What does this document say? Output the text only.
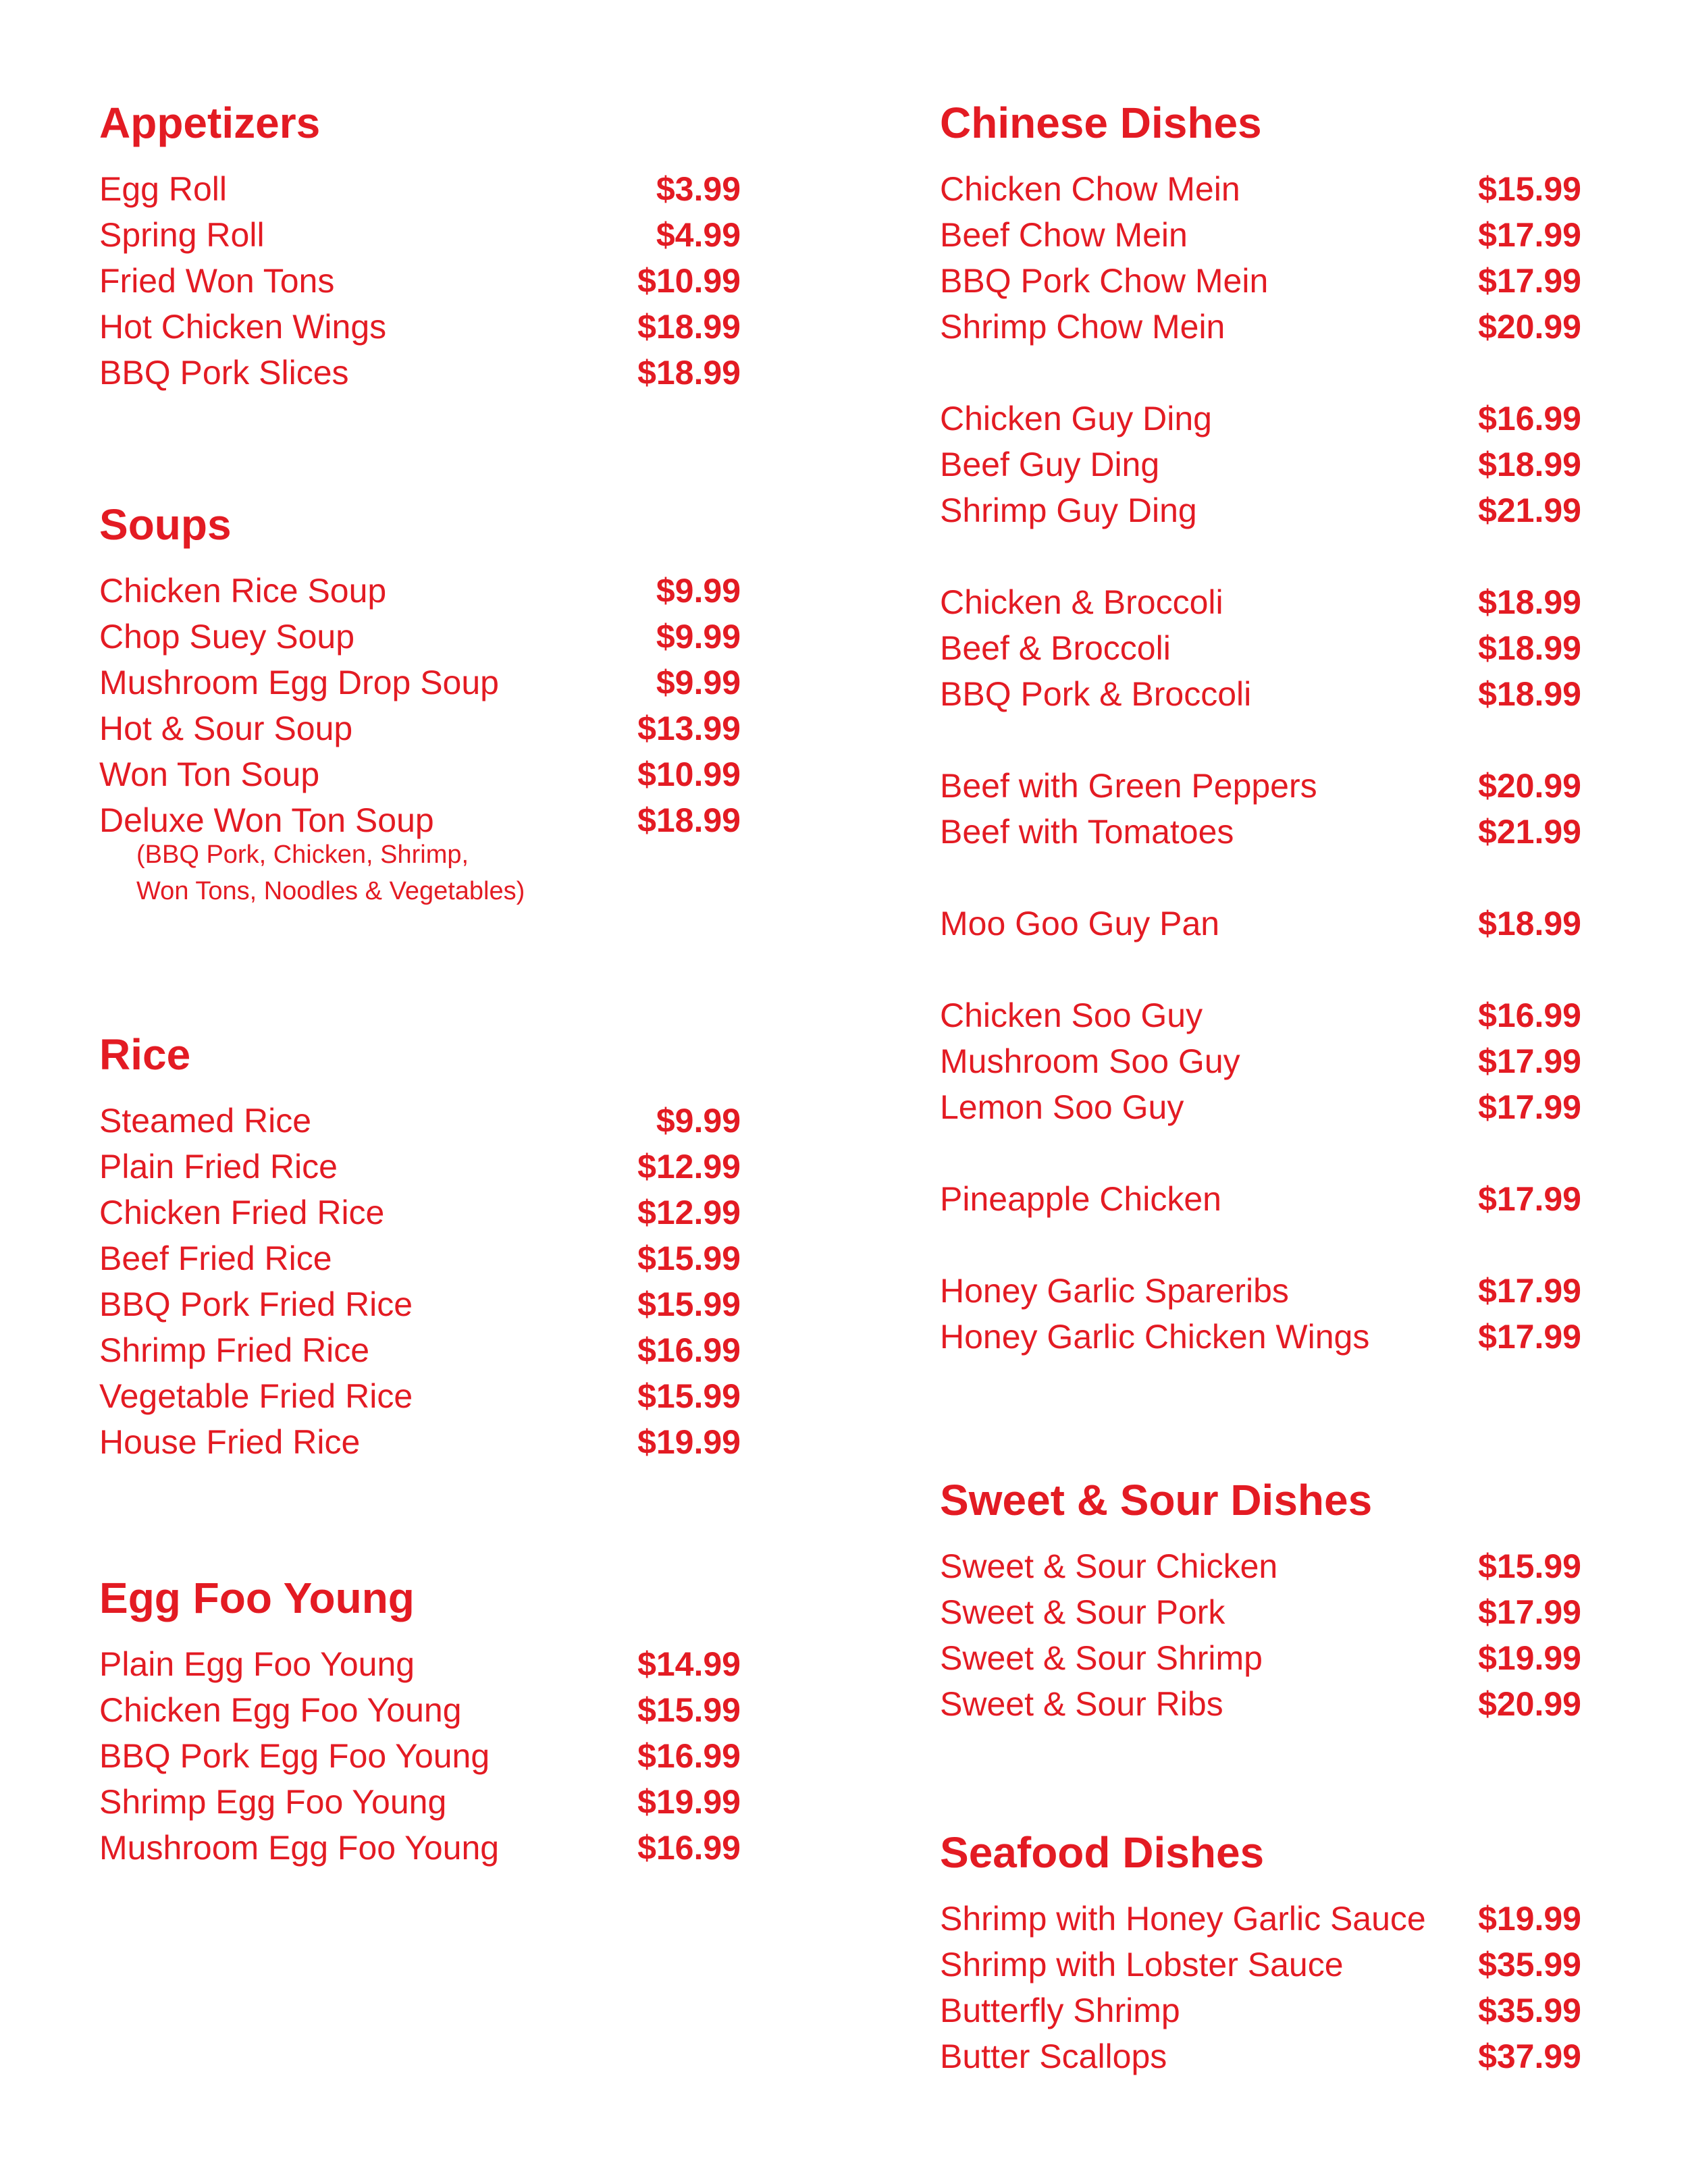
Appetizers
Egg Roll	$3.99
Spring Roll	$4.99
Fried Won Tons	$10.99
Hot Chicken Wings	$18.99
BBQ Pork Slices	$18.99
Soups
Chicken Rice Soup	$9.99
Chop Suey Soup	$9.99
Mushroom Egg Drop Soup	$9.99
Hot & Sour Soup	$13.99
Won Ton Soup	$10.99
Deluxe Won Ton Soup	$18.99
(BBQ Pork, Chicken, Shrimp,
Won Tons, Noodles & Vegetables)
Rice
Steamed Rice	$9.99
Plain Fried Rice	$12.99
Chicken Fried Rice	$12.99
Beef Fried Rice	$15.99
BBQ Pork Fried Rice	$15.99
Shrimp Fried Rice	$16.99
Vegetable Fried Rice	$15.99
House Fried Rice	$19.99
Egg Foo Young
Plain Egg Foo Young	$14.99
Chicken Egg Foo Young	$15.99
BBQ Pork Egg Foo Young	$16.99
Shrimp Egg Foo Young	$19.99
Mushroom Egg Foo Young	$16.99
Chinese Dishes
Chicken Chow Mein	$15.99
Beef Chow Mein	$17.99
BBQ Pork Chow Mein	$17.99
Shrimp Chow Mein	$20.99
Chicken Guy Ding	$16.99
Beef Guy Ding	$18.99
Shrimp Guy Ding	$21.99
Chicken & Broccoli	$18.99
Beef & Broccoli	$18.99
BBQ Pork & Broccoli	$18.99
Beef with Green Peppers	$20.99
Beef with Tomatoes	$21.99
Moo Goo Guy Pan	$18.99
Chicken Soo Guy	$16.99
Mushroom Soo Guy	$17.99
Lemon Soo Guy	$17.99
Pineapple Chicken	$17.99
Honey Garlic Spareribs	$17.99
Honey Garlic Chicken Wings	$17.99
Sweet & Sour Dishes
Sweet & Sour Chicken	$15.99
Sweet & Sour Pork	$17.99
Sweet & Sour Shrimp	$19.99
Sweet & Sour Ribs	$20.99
Seafood Dishes
Shrimp with Honey Garlic Sauce $19.99
Shrimp with Lobster Sauce	$35.99
Butterfly Shrimp	$35.99
Butter Scallops	$37.99
